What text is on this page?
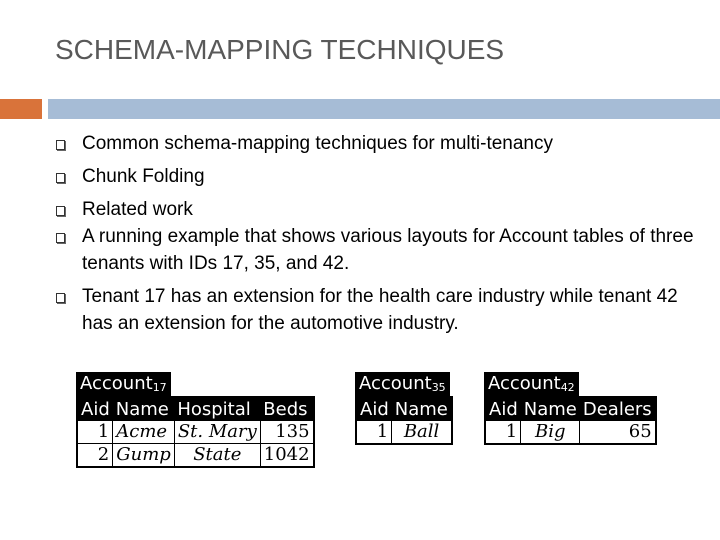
SCHEMA-MAPPING TECHNIQUES
Common schema-mapping techniques for multi-tenancy
Chunk Folding
Related work
A running example that shows various layouts for Account tables of three tenants with IDs 17, 35, and 42.
Tenant 17 has an extension for the health care industry while tenant 42 has an extension for the automotive industry.
Account$_{17}$
Aid	Name	Hospital	Beds
1	Acme	St. Mary	135
2	Gump	State	1042
Account$_{35}$
Aid	Name
1	Ball
Account$_{42}$
Aid	Name	Dealers
1	Big	65
